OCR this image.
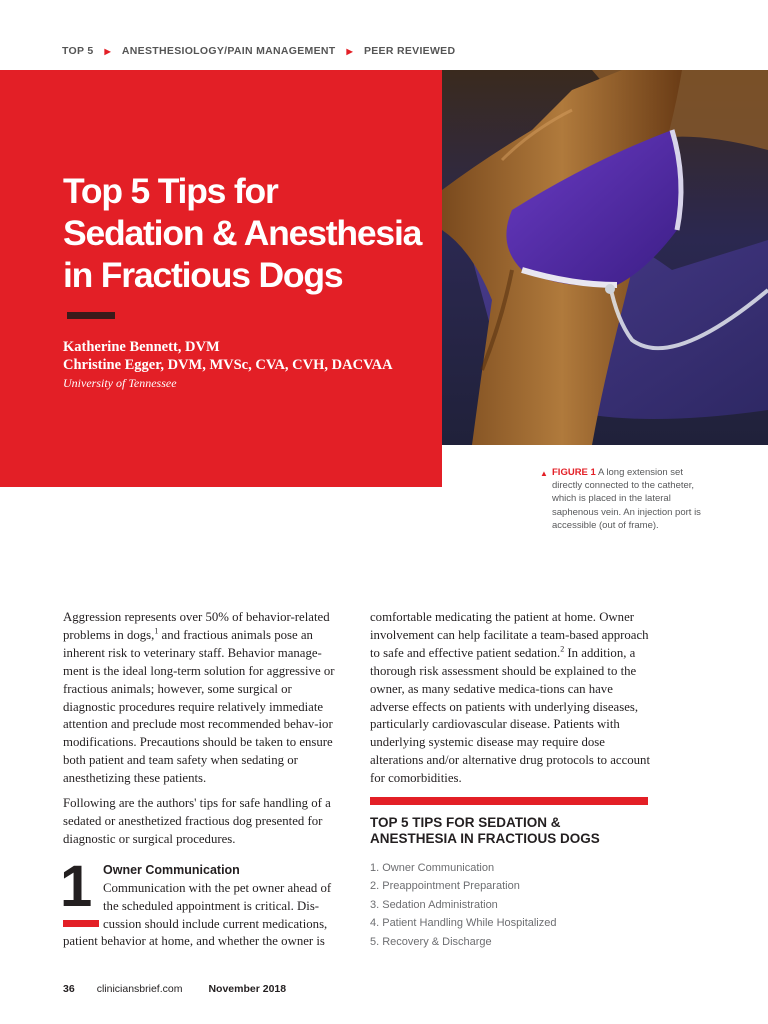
TOP 5 ▶ ANESTHESIOLOGY/PAIN MANAGEMENT ▶ PEER REVIEWED
Top 5 Tips for
Sedation & Anesthesia
in Fractious Dogs
Katherine Bennett, DVM
Christine Egger, DVM, MVSc, CVA, CVH, DACVAA
University of Tennessee
▲ FIGURE 1 A long extension set directly connected to the catheter, which is placed in the lateral saphenous vein. An injection port is accessible (out of frame).

Aggression represents over 50% of behavior-related problems in dogs,$^1$ and fractious animals pose an inherent risk to veterinary staff. Behavior manage-ment is the ideal long-term solution for aggressive or fractious animals; however, some surgical or diagnostic procedures require relatively immediate attention and preclude most recommended behav-ior modifications. Precautions should be taken to ensure both patient and team safety when sedating or anesthetizing these patients.

Following are the authors' tips for safe handling of a sedated or anesthetized fractious dog presented for diagnostic or surgical procedures.
1 Owner Communication
Communication with the pet owner ahead of the scheduled appointment is critical. Dis-cussion should include current medications,
patient behavior at home, and whether the owner is

comfortable medicating the patient at home. Owner involvement can help facilitate a team-based approach to safe and effective patient sedation.$^2$ In addition, a thorough risk assessment should be explained to the owner, as many sedative medica-tions can have adverse effects on patients with underlying diseases, particularly cardiovascular disease. Patients with underlying systemic disease may require dose alterations and/or alternative drug protocols to account for comorbidities.

TOP 5 TIPS FOR SEDATION & ANESTHESIA IN FRACTIOUS DOGS
1. Owner Communication
2. Preappointment Preparation
3. Sedation Administration
4. Patient Handling While Hospitalized
5. Recovery & Discharge
36 cliniciansbrief.com November 2018
